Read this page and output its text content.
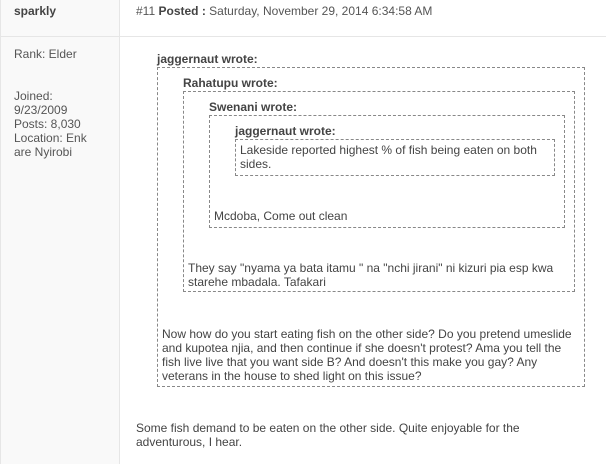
sparkly	#11 Posted : Saturday, November 29, 2014 6:34:58 AM
Rank: Elder
Joined:
9/23/2009
Posts: 8,030
Location: Enk are Nyirobi
jaggernaut wrote:
Now how do you start eating fish on the other side? Do you pretend umeslide and kupotea njia, and then continue if she doesn't protest? Ama you tell the fish live live that you want side B? And doesn't this make you gay? Any veterans in the house to shed light on this issue?
Rahatupu wrote:
They say "nyama ya bata itamu " na "nchi jirani" ni kizuri pia esp kwa starehe mbadala. Tafakari
Swenani wrote:
Mcdoba, Come out clean
jaggernaut wrote:
Lakeside reported highest % of fish being eaten on both sides.
Some fish demand to be eaten on the other side. Quite enjoyable for the adventurous, I hear.
